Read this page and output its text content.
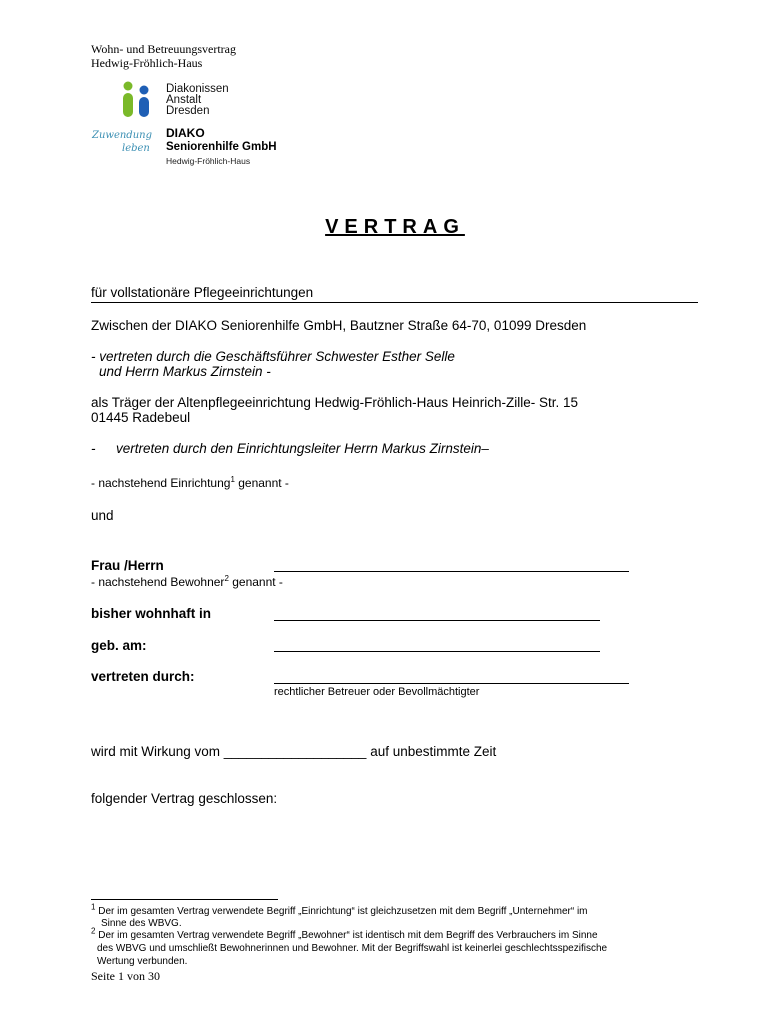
Wohn- und Betreuungsvertrag
Hedwig-Fröhlich-Haus
Diakonissen
Anstalt
Dresden
Zuwendung
leben
DIAKO
Seniorenhilfe GmbH
Hedwig-Fröhlich-Haus
VERTRAG
für vollstationäre Pflegeeinrichtungen
Zwischen der DIAKO Seniorenhilfe GmbH, Bautzner Straße 64-70, 01099 Dresden
- vertreten durch die Geschäftsführer Schwester Esther Selle
und Herrn Markus Zirnstein -
als Träger der Altenpflegeeinrichtung Hedwig-Fröhlich-Haus Heinrich-Zille- Str. 15
01445 Radebeul
- vertreten durch den Einrichtungsleiter Herrn Markus Zirnstein–
- nachstehend Einrichtung$^1$ genannt -
und
Frau /Herrn
- nachstehend Bewohner$^2$ genannt -
bisher wohnhaft in
geb. am:
vertreten durch:
rechtlicher Betreuer oder Bevollmächtigter
wird mit Wirkung vom ___________________ auf unbestimmte Zeit
folgender Vertrag geschlossen:
$^1$ Der im gesamten Vertrag verwendete Begriff „Einrichtung“ ist gleichzusetzen mit dem Begriff „Unternehmer“ im
Sinne des WBVG.
$^2$ Der im gesamten Vertrag verwendete Begriff „Bewohner“ ist identisch mit dem Begriff des Verbrauchers im Sinne
des WBVG und umschließt Bewohnerinnen und Bewohner. Mit der Begriffswahl ist keinerlei geschlechtsspezifische
Wertung verbunden.
Seite 1 von 30
